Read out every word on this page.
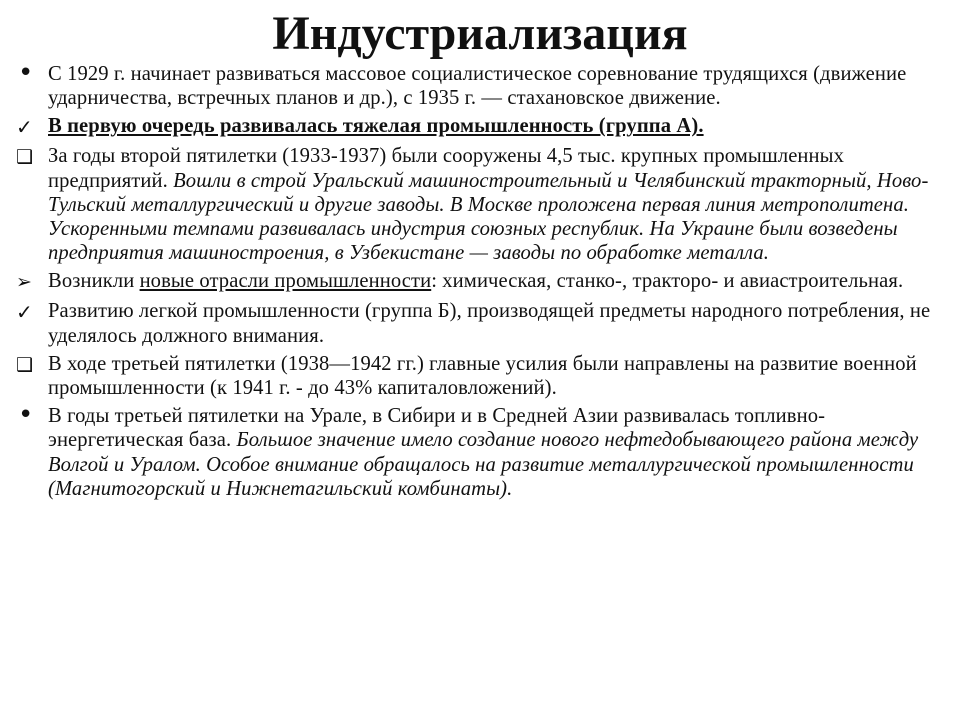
Индустриализация
• С 1929 г. начинает развиваться массовое социалистическое соревнование трудящихся (движение ударничества, встречных планов и др.), с 1935 г. — стахановское движение.
✓ В первую очередь развивалась тяжелая промышленность (группа А).
❑ За годы второй пятилетки (1933-1937) были сооружены 4,5 тыс. крупных промышленных предприятий. Вошли в строй Уральский машиностроительный и Челябинский тракторный, Ново-Тульский металлургический и другие заводы. В Москве проложена первая линия метрополитена. Ускоренными темпами развивалась индустрия союзных республик. На Украине были возведены предприятия машиностроения, в Узбекистане — заводы по обработке металла.
➢ Возникли новые отрасли промышленности: химическая, станко-, тракторо- и авиастроительная.
✓ Развитию легкой промышленности (группа Б), производящей предметы народного потребления, не уделялось должного внимания.
❑ В ходе третьей пятилетки (1938—1942 гг.) главные усилия были направлены на развитие военной промышленности (к 1941 г. - до 43% капиталовложений).
• В годы третьей пятилетки на Урале, в Сибири и в Средней Азии развивалась топливно-энергетическая база. Большое значение имело создание нового нефтедобывающего района между Волгой и Уралом. Особое внимание обращалось на развитие металлургической промышленности (Магнитогорский и Нижнетагильский комбинаты).
